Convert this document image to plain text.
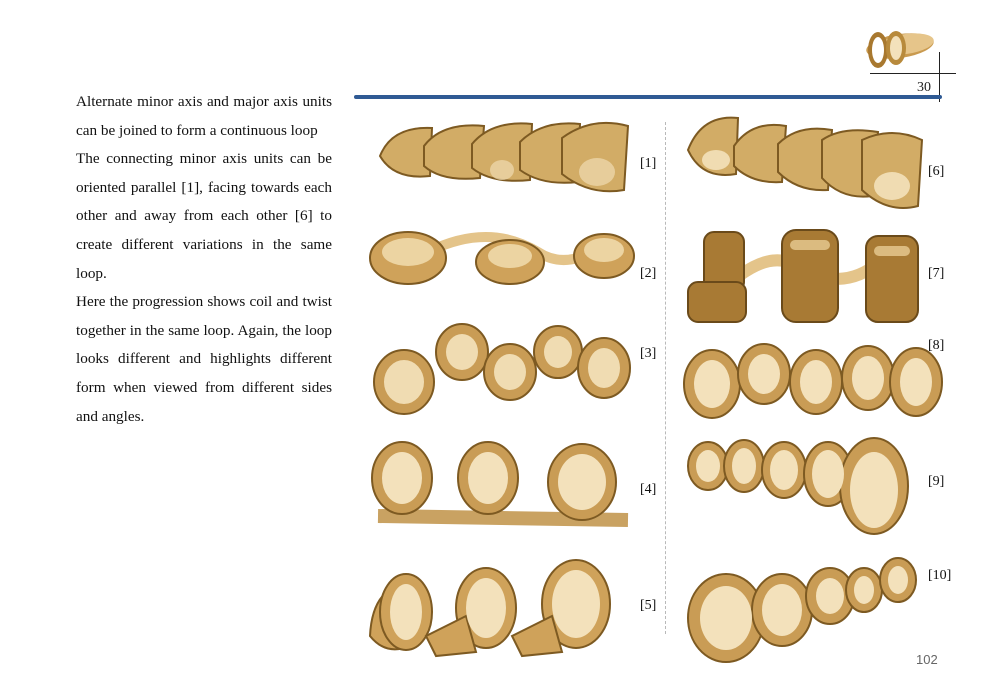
30

Alternate minor axis and major axis units can be joined to form a continuous loop

The connecting minor axis units can be oriented parallel [1], facing towards each other and away from each other [6] to create different variations in the same loop.

Here the progression shows coil and twist together in the same loop. Again, the loop looks different and highlights different form when viewed from different sides and angles.

[1]
[2]
[3]
[4]
[5]
[6]
[7]
[8]
[9]
[10]
102
